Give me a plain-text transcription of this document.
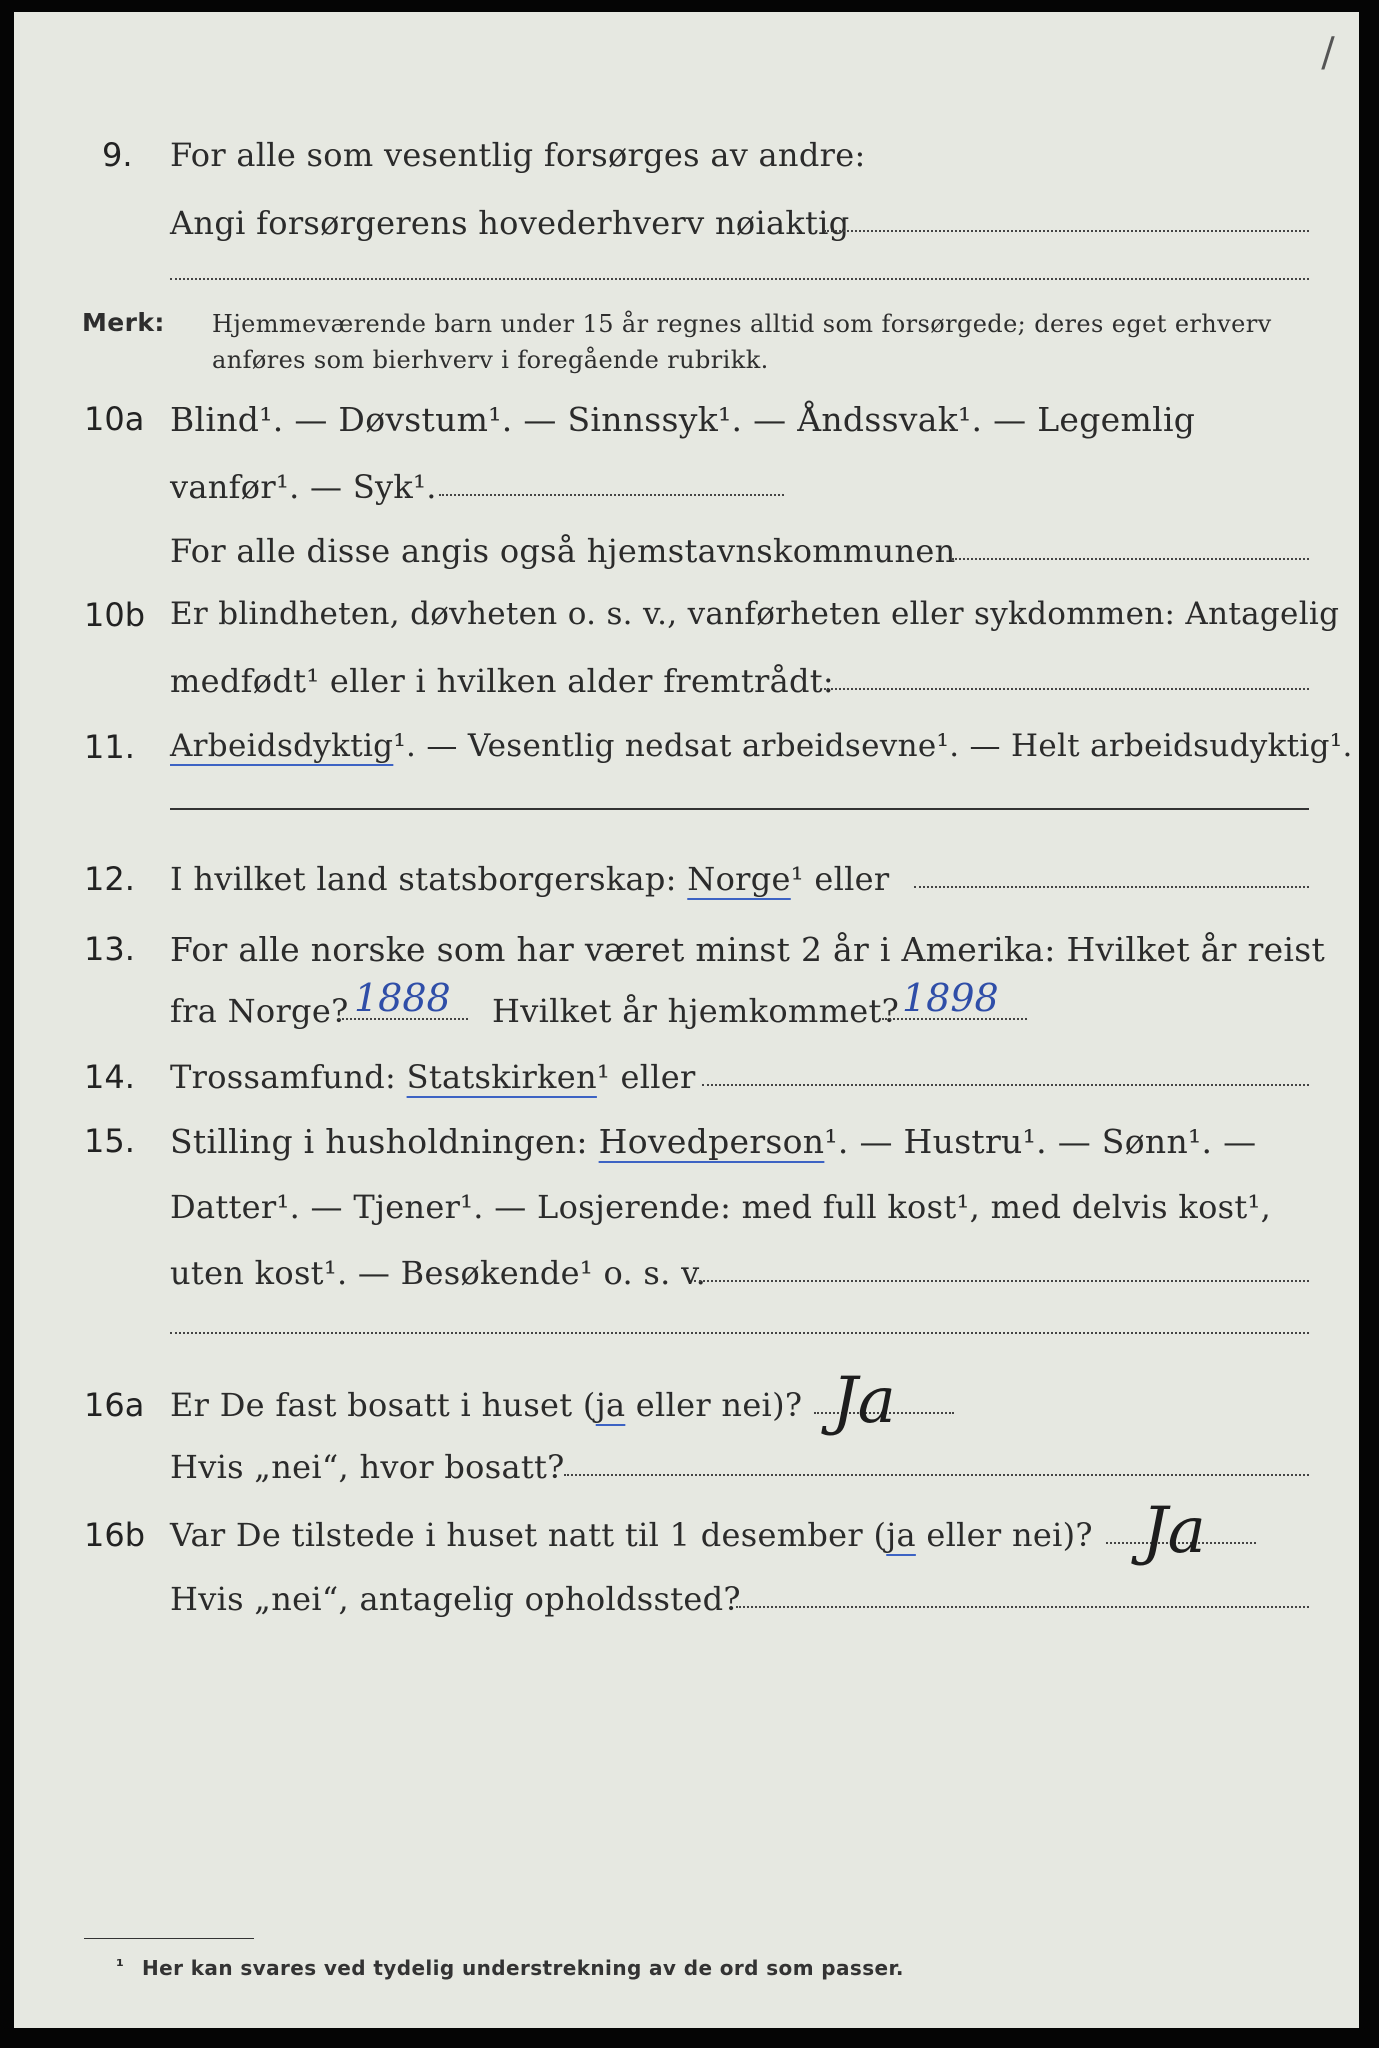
/
9. For alle som vesentlig forsørges av andre:
Angi forsørgerens hovederhverv nøiaktig
Merk: Hjemmeværende barn under 15 år regnes alltid som forsørgede; deres eget erhverv
anføres som bierhverv i foregående rubrikk.
10a Blind¹. — Døvstum¹. — Sinnssyk¹. — Åndssvak¹. — Legemlig
vanfør¹. — Syk¹.
For alle disse angis også hjemstavnskommunen
10b Er blindheten, døvheten o. s. v., vanførheten eller sykdommen: Antagelig
medfødt¹ eller i hvilken alder fremtrådt:
11. Arbeidsdyktig¹. — Vesentlig nedsat arbeidsevne¹. — Helt arbeidsudyktig¹.
12. I hvilket land statsborgerskap: Norge¹ eller
13. For alle norske som har været minst 2 år i Amerika: Hvilket år reist
fra Norge? 1888 Hvilket år hjemkommet? 1898
14. Trossamfund: Statskirken¹ eller
15. Stilling i husholdningen: Hovedperson¹. — Hustru¹. — Sønn¹. —
Datter¹. — Tjener¹. — Losjerende: med full kost¹, med delvis kost¹,
uten kost¹. — Besøkende¹ o. s. v.
16a Er De fast bosatt i huset (ja eller nei)? Ja
Hvis „nei“, hvor bosatt?
16b Var De tilstede i huset natt til 1 desember (ja eller nei)? Ja
Hvis „nei“, antagelig opholdssted?
¹ Her kan svares ved tydelig understrekning av de ord som passer.
